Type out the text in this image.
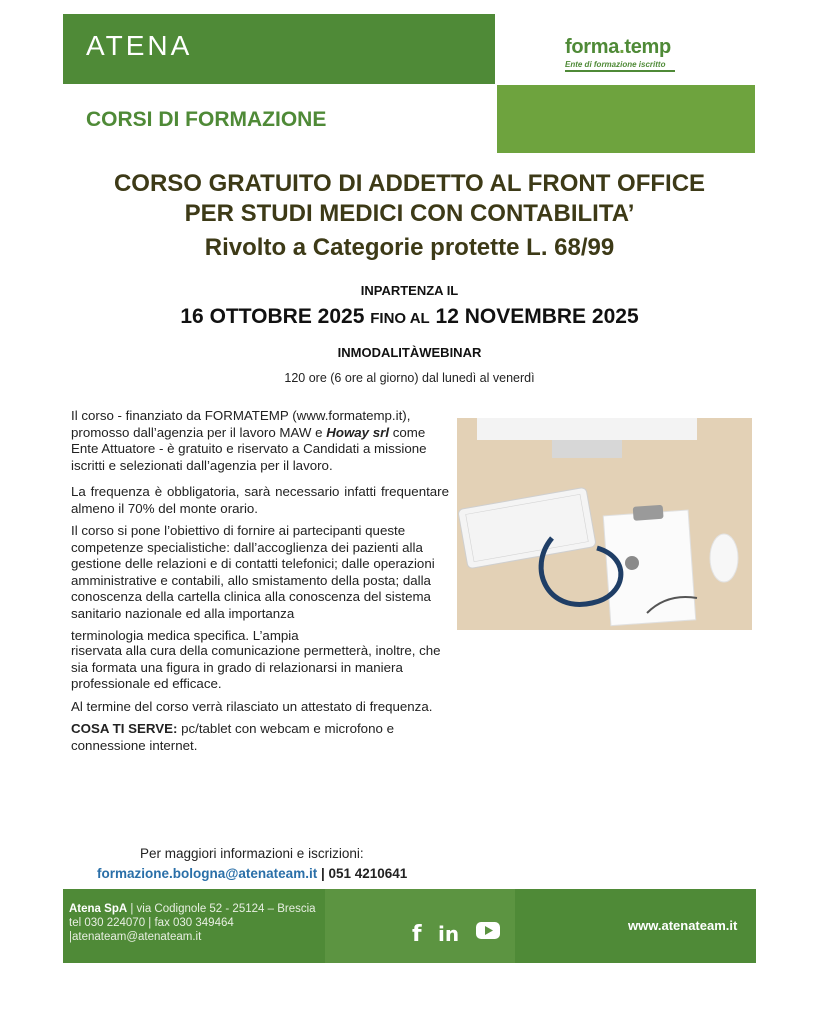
ATENA	forma.temp
Ente di formazione iscritto
CORSI DI FORMAZIONE
CORSO GRATUITO DI ADDETTO AL FRONT OFFICE
PER STUDI MEDICI CON CONTABILITA’
Rivolto a Categorie protette L. 68/99
INPARTENZA IL
16 OTTOBRE 2025 FINO AL 12 NOVEMBRE 2025
INMODALITÀWEBINAR
120 ore (6 ore al giorno) dal lunedì al venerdì

Il corso - finanziato da FORMATEMP (www.formatemp.it), promosso dall’agenzia per il lavoro MAW e Howay srl come Ente Attuatore - è gratuito e riservato a Candidati a missione iscritti e selezionati dall’agenzia per il lavoro.

La frequenza è obbligatoria, sarà necessario infatti frequentare almeno il 70% del monte orario.

Il corso si pone l’obiettivo di fornire ai partecipanti queste competenze specialistiche: dall’accoglienza dei pazienti alla gestione delle relazioni e di contatti telefonici; dalle operazioni amministrative e contabili, allo smistamento della posta; dalla conoscenza della cartella clinica alla conoscenza del sistema sanitario nazionale ed alla importanza

terminologia medica specifica. L’ampia

riservata alla cura della comunicazione permetterà, inoltre, che sia formata una figura in grado di relazionarsi in maniera professionale ed efficace.

Al termine del corso verrà rilasciato un attestato di frequenza.

COSA TI SERVE: pc/tablet con webcam e microfono e connessione internet.

Per maggiori informazioni e iscrizioni:
formazione.bologna@atenateam.it | 051 4210641
Atena SpA | via Codignole 52 - 25124 – Brescia tel 030 224070 | fax 030 349464 |atenateam@atenateam.it	f in	www.atenateam.it
